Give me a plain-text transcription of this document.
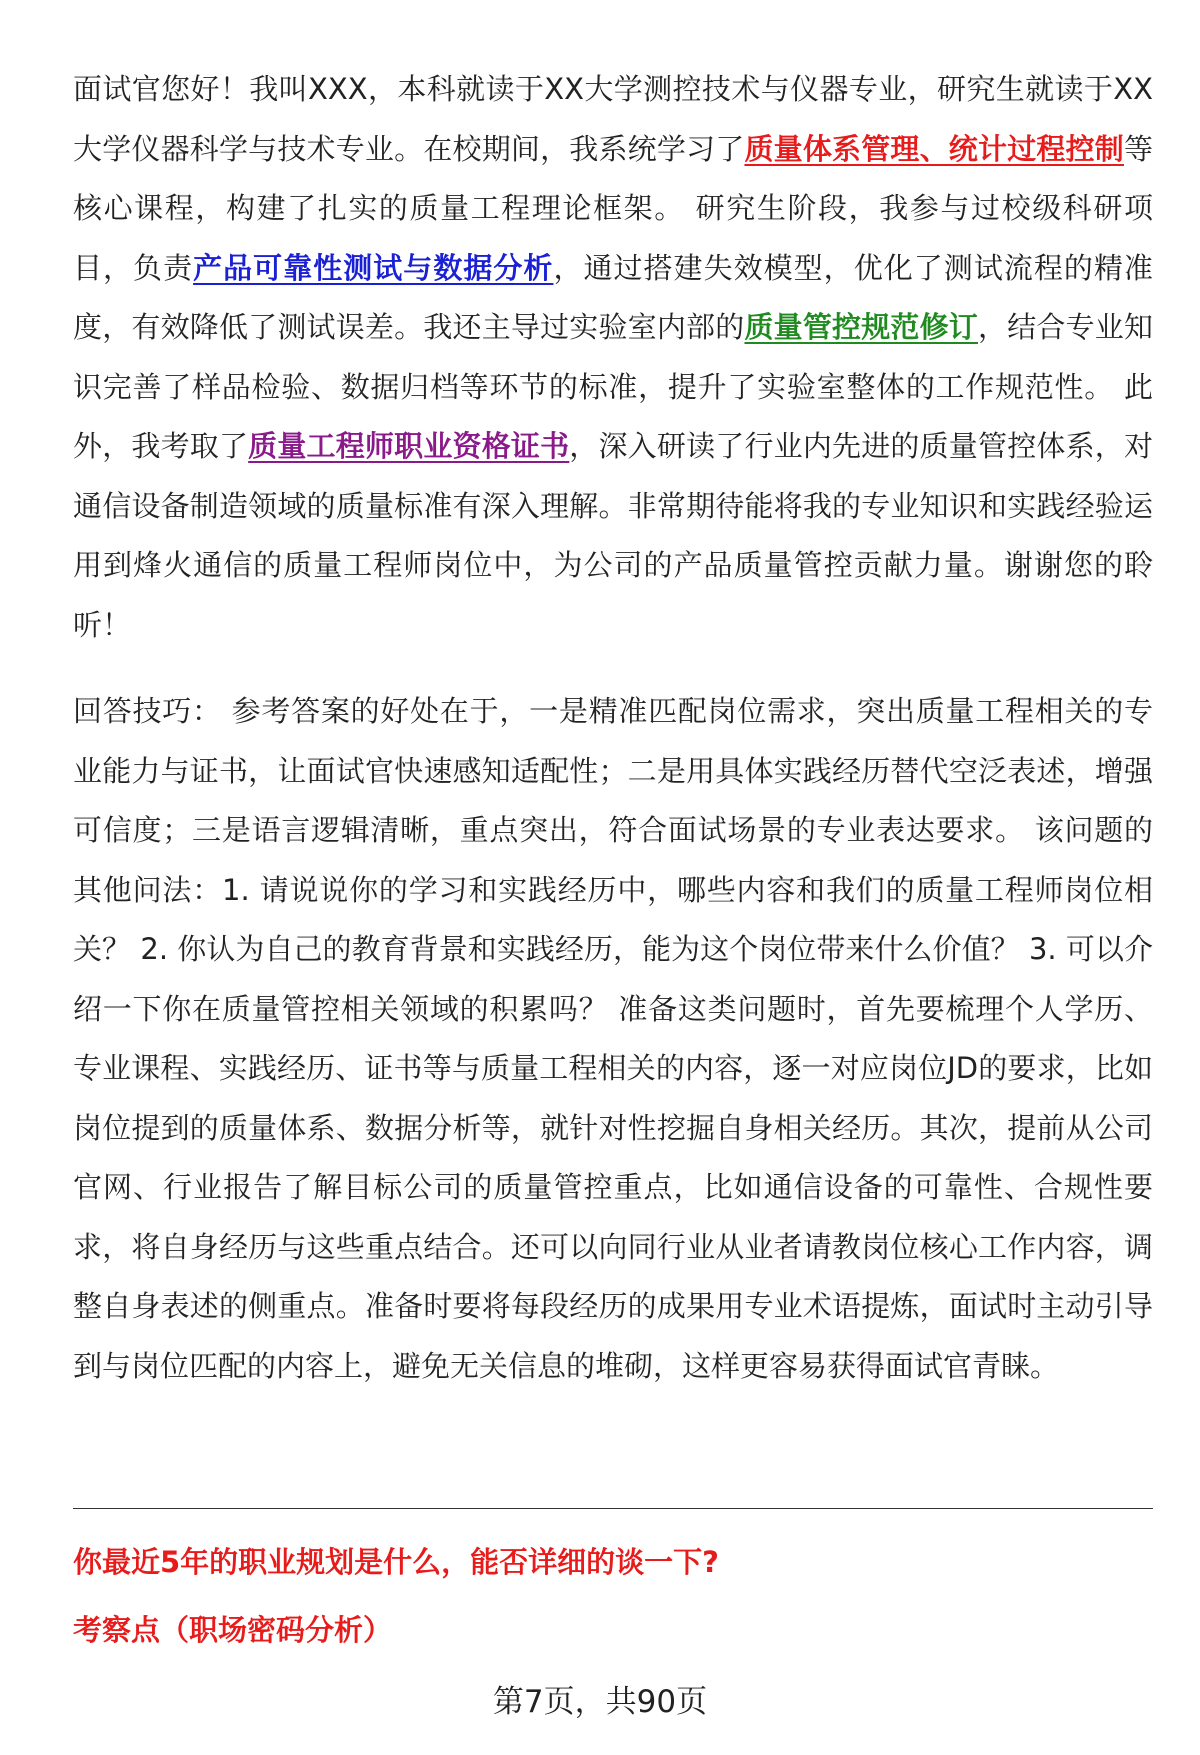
面试官您好！我叫XXX，本科就读于XX大学测控技术与仪器专业，研究生就读于XX大学仪器科学与技术专业。在校期间，我系统学习了质量体系管理、统计过程控制等核心课程，构建了扎实的质量工程理论框架。 研究生阶段，我参与过校级科研项目，负责产品可靠性测试与数据分析，通过搭建失效模型，优化了测试流程的精准度，有效降低了测试误差。我还主导过实验室内部的质量管控规范修订，结合专业知识完善了样品检验、数据归档等环节的标准，提升了实验室整体的工作规范性。 此外，我考取了质量工程师职业资格证书，深入研读了行业内先进的质量管控体系，对通信设备制造领域的质量标准有深入理解。非常期待能将我的专业知识和实践经验运用到烽火通信的质量工程师岗位中，为公司的产品质量管控贡献力量。谢谢您的聆听！

回答技巧： 参考答案的好处在于，一是精准匹配岗位需求，突出质量工程相关的专业能力与证书，让面试官快速感知适配性；二是用具体实践经历替代空泛表述，增强可信度；三是语言逻辑清晰，重点突出，符合面试场景的专业表达要求。 该问题的其他问法：1. 请说说你的学习和实践经历中，哪些内容和我们的质量工程师岗位相关？ 2. 你认为自己的教育背景和实践经历，能为这个岗位带来什么价值？ 3. 可以介绍一下你在质量管控相关领域的积累吗？ 准备这类问题时，首先要梳理个人学历、专业课程、实践经历、证书等与质量工程相关的内容，逐一对应岗位JD的要求，比如岗位提到的质量体系、数据分析等，就针对性挖掘自身相关经历。其次，提前从公司官网、行业报告了解目标公司的质量管控重点，比如通信设备的可靠性、合规性要求，将自身经历与这些重点结合。还可以向同行业从业者请教岗位核心工作内容，调整自身表述的侧重点。准备时要将每段经历的成果用专业术语提炼，面试时主动引导到与岗位匹配的内容上，避免无关信息的堆砌，这样更容易获得面试官青睐。

你最近5年的职业规划是什么，能否详细的谈一下?

考察点（职场密码分析）

第7页，共90页
